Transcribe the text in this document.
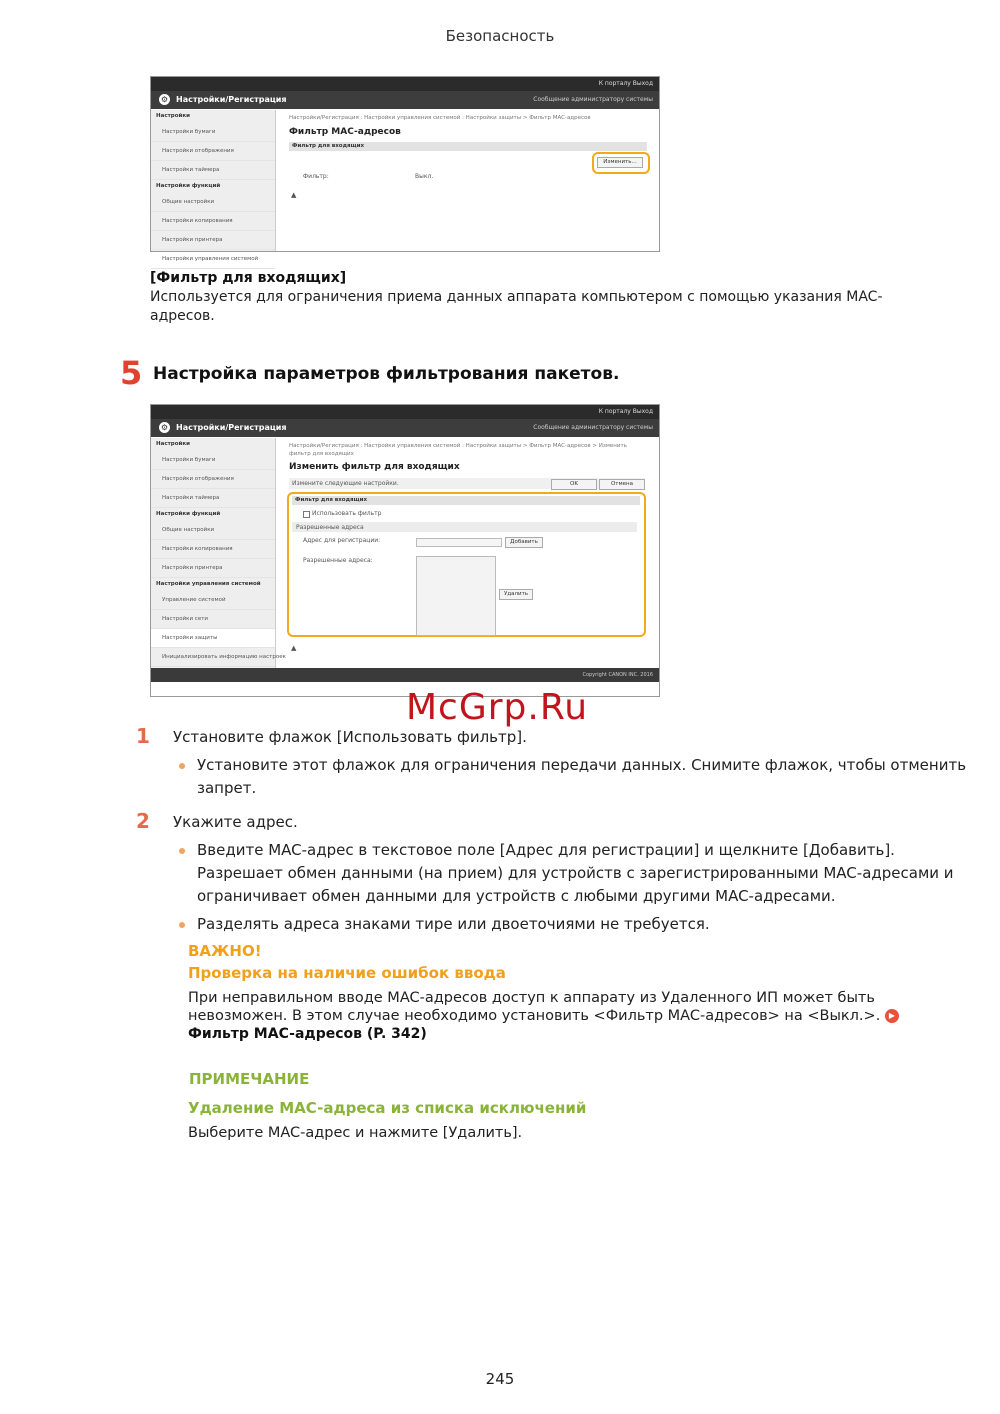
Безопасность
К порталу Выход
⚙ Настройки/Регистрация	Сообщение администратору системы
Настройки
Настройки бумаги
Настройки отображения
Настройки таймера
Настройки функций
Общие настройки
Настройки копирования
Настройки принтера
Настройки управления системой
Настройки/Регистрация : Настройки управления системой : Настройки защиты > Фильтр MAC-адресов
Фильтр MAC-адресов
Фильтр для входящих
Изменить...
Фильтр:	Выкл.
▲
[Фильтр для входящих]
Используется для ограничения приема данных аппарата компьютером с помощью указания MAC-
адресов.
5 Настройка параметров фильтрования пакетов.
К порталу Выход
⚙ Настройки/Регистрация	Сообщение администратору системы
Настройки
Настройки бумаги
Настройки отображения
Настройки таймера
Настройки функций
Общие настройки
Настройки копирования
Настройки принтера
Настройки управления системой
Управление системой
Настройки сети
Настройки защиты
Инициализировать информацию настроек
Настройки/Регистрация : Настройки управления системой : Настройки защиты > Фильтр MAC-адресов > Изменить
фильтр для входящих
Изменить фильтр для входящих
Измените следующие настройки.	OK	Отмена
Фильтр для входящих
Использовать фильтр
Разрешенные адреса
Адрес для регистрации:	Добавить
Разрешенные адреса:
Удалить
▲
Copyright CANON INC. 2016
McGrp.Ru
1 Установите флажок [Использовать фильтр].
Установите этот флажок для ограничения передачи данных. Снимите флажок, чтобы отменить
запрет.
2 Укажите адрес.
Введите MAC-адрес в текстовое поле [Адрес для регистрации] и щелкните [Добавить].
Разрешает обмен данными (на прием) для устройств с зарегистрированными MAC-адресами и
ограничивает обмен данными для устройств с любыми другими MAC-адресами.
Разделять адреса знаками тире или двоеточиями не требуется.
ВАЖНО!
Проверка на наличие ошибок ввода
При неправильном вводе MAC-адресов доступ к аппарату из Удаленного ИП может быть
невозможен. В этом случае необходимо установить <Фильтр MAC-адресов> на <Выкл.>. ▶
Фильтр MAC-адресов (P. 342)
ПРИМЕЧАНИЕ
Удаление MAC-адреса из списка исключений
Выберите MAC-адрес и нажмите [Удалить].
245
